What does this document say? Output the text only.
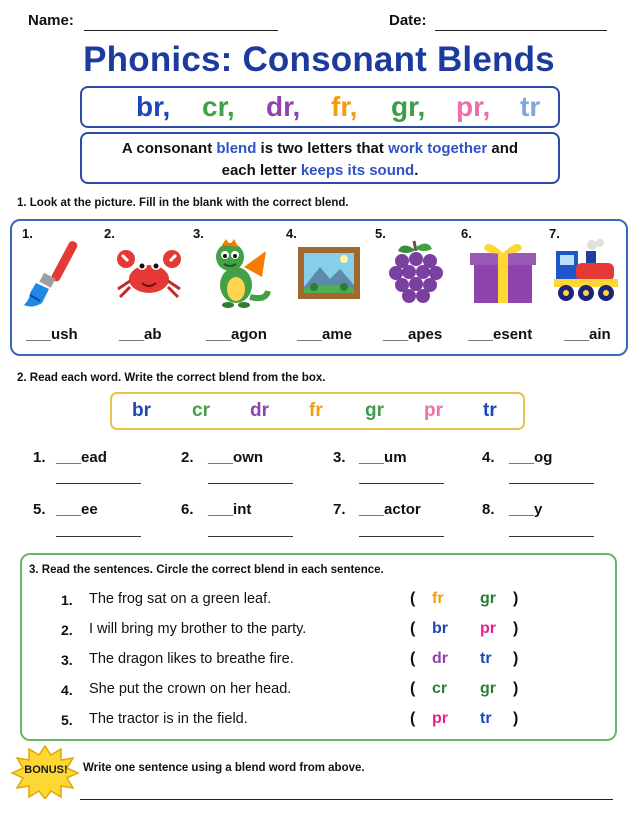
Name:	Date:
Phonics: Consonant Blends
br, cr, dr, fr, gr, pr, tr
A consonant blend is two letters that work together and
each letter keeps its sound.
1. Look at the picture. Fill in the blank with the correct blend.
1.	2.	3.	4.	5.	6.	7.
___ush	___ab	___agon ___ame ___apes ___esent ___ain
2. Read each word. Write the correct blend from the box.
br cr dr fr gr pr tr
1. ___ead	2. ___own	3. ___um	4. ___og
5. ___ee	6. ___int	7. ___actor	8. ___y
3. Read the sentences. Circle the correct blend in each sentence.
1. The frog sat on a green leaf.	( fr gr )
2. I will bring my brother to the party.	( br pr )
3. The dragon likes to breathe fire.	( dr tr )
4. She put the crown on her head.	( cr gr )
5. The tractor is in the field.	( pr tr )
BONUS!	Write one sentence using a blend word from above.
